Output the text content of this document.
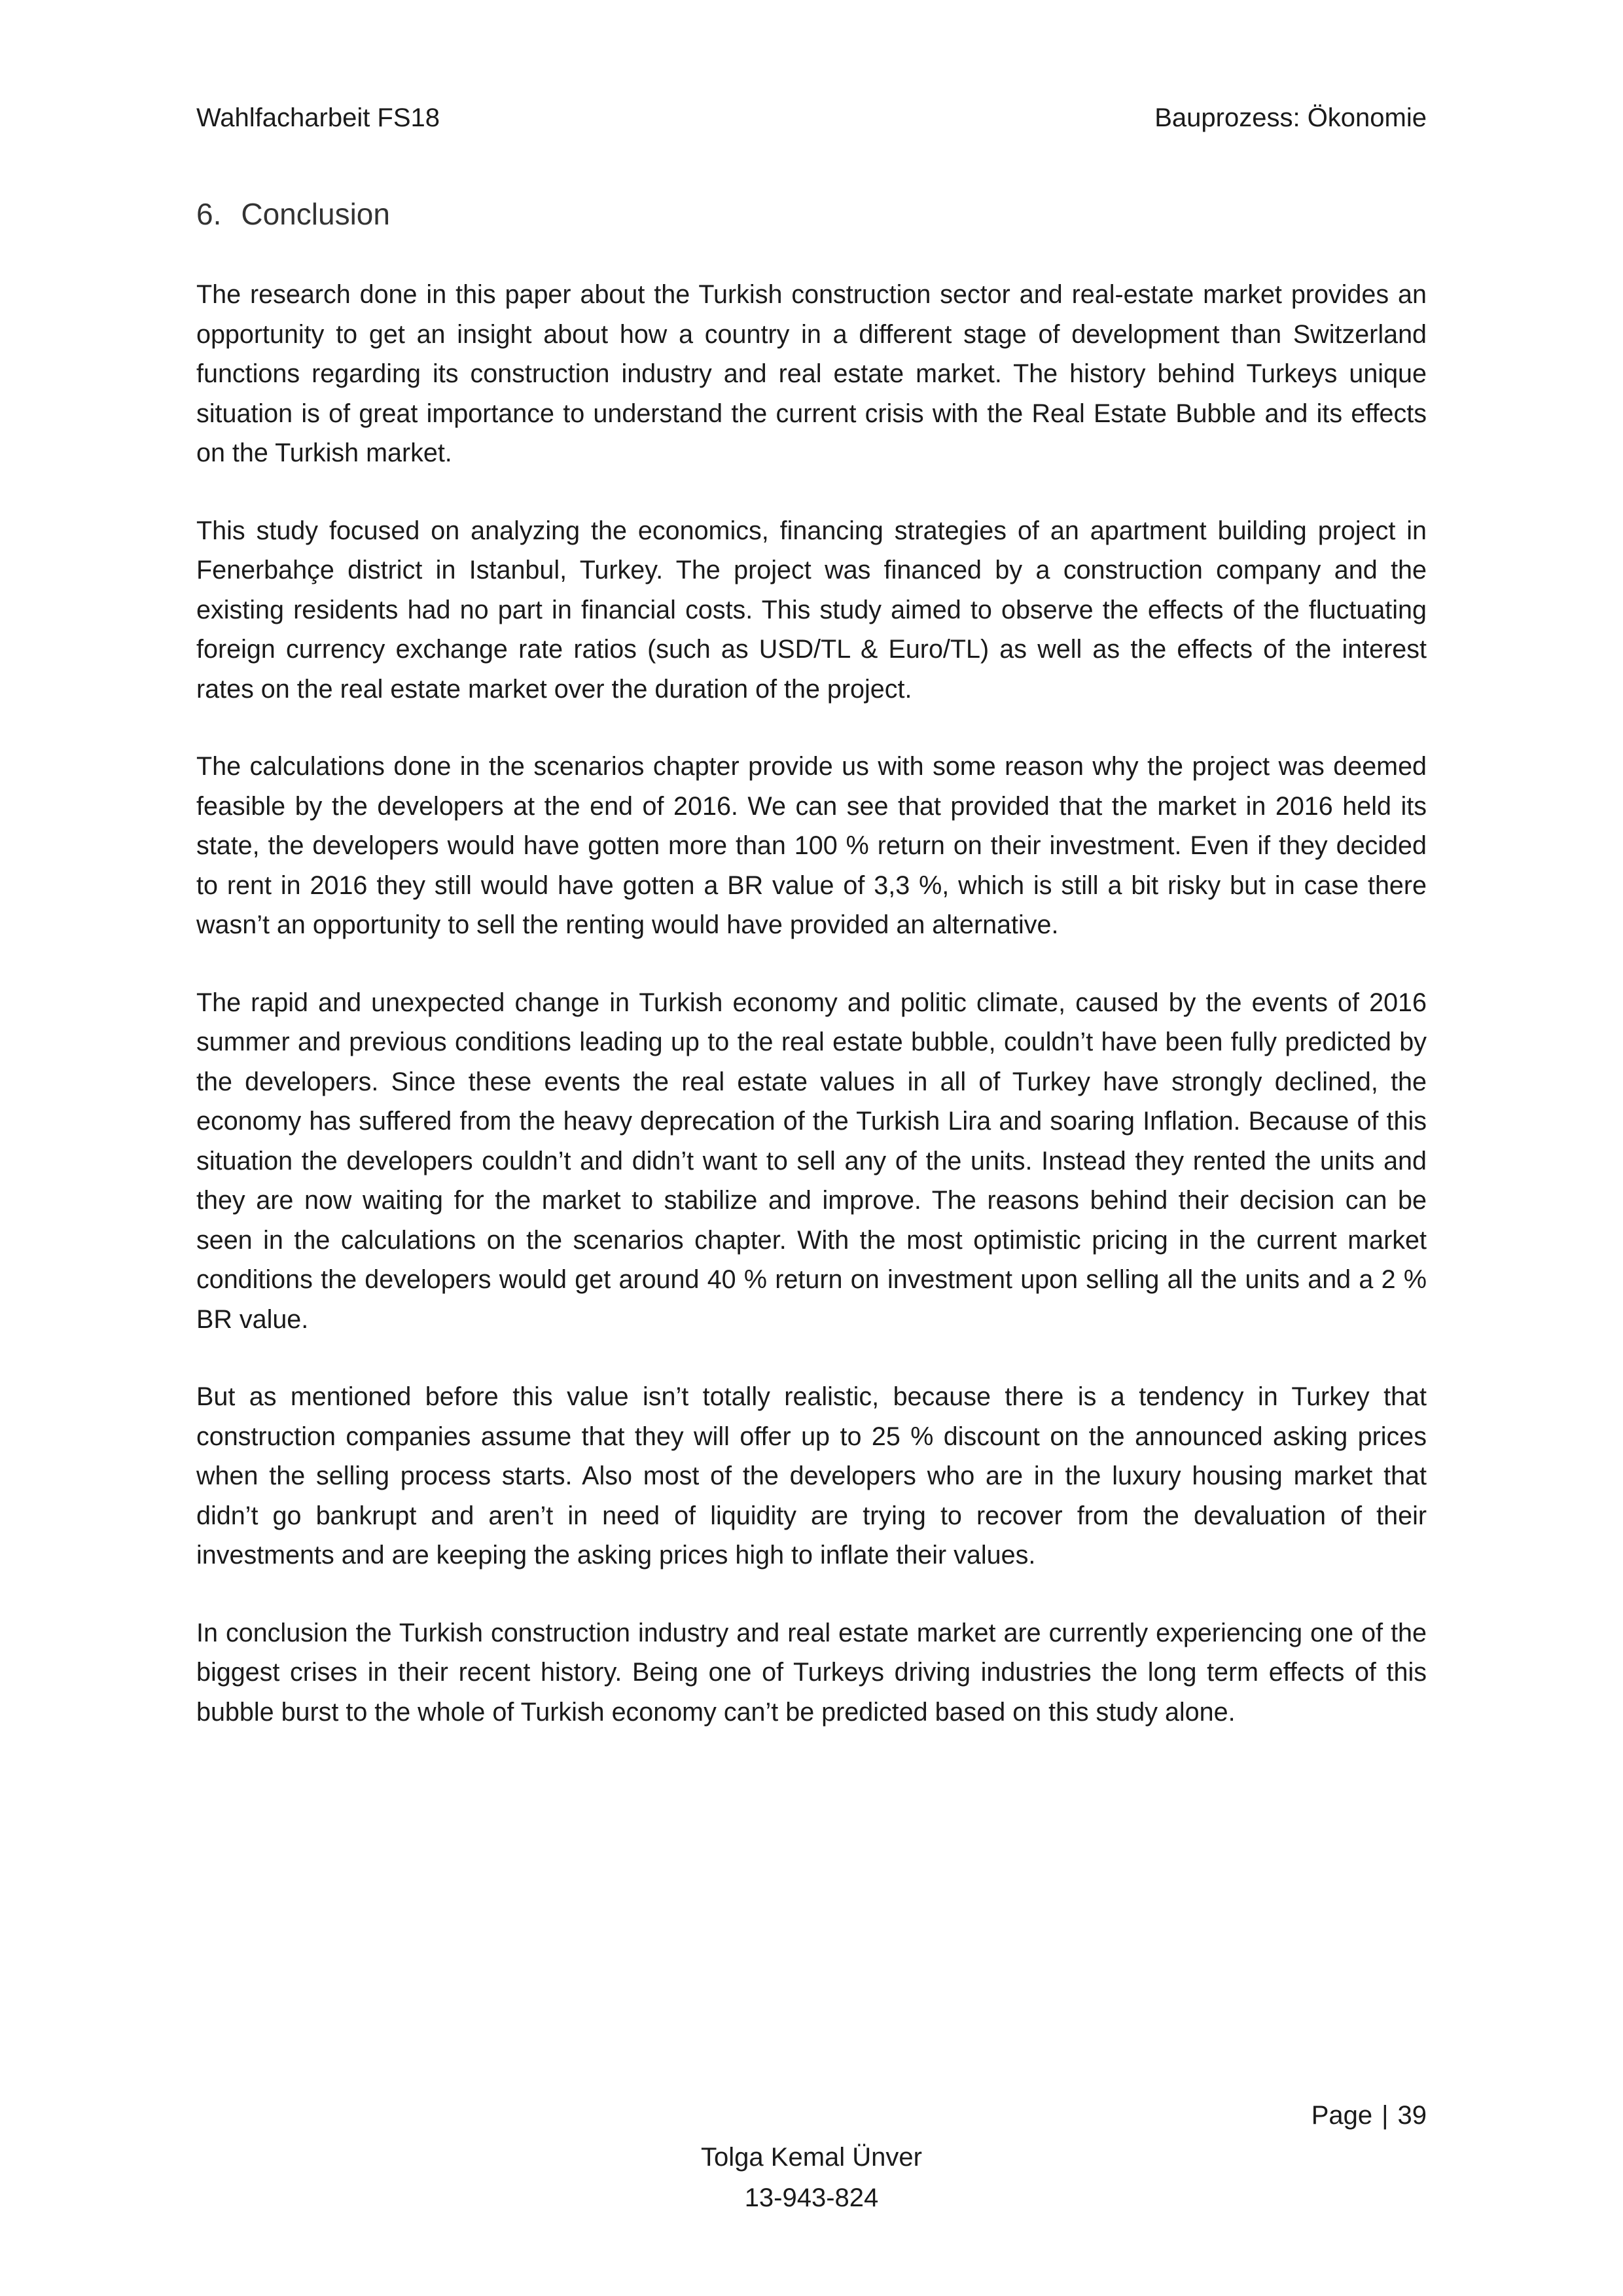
Wahlfacharbeit FS18	Bauprozess: Ökonomie
6. Conclusion

The research done in this paper about the Turkish construction sector and real-estate market provides an opportunity to get an insight about how a country in a different stage of development than Switzerland functions regarding its construction industry and real estate market. The history behind Turkeys unique situation is of great importance to understand the current crisis with the Real Estate Bubble and its effects on the Turkish market.

This study focused on analyzing the economics, financing strategies of an apartment building project in Fenerbahçe district in Istanbul, Turkey. The project was financed by a construction company and the existing residents had no part in financial costs. This study aimed to observe the effects of the fluctuating foreign currency exchange rate ratios (such as USD/TL & Euro/TL) as well as the effects of the interest rates on the real estate market over the duration of the project.

The calculations done in the scenarios chapter provide us with some reason why the project was deemed feasible by the developers at the end of 2016. We can see that provided that the market in 2016 held its state, the developers would have gotten more than 100 % return on their investment. Even if they decided to rent in 2016 they still would have gotten a BR value of 3,3 %, which is still a bit risky but in case there wasn’t an opportunity to sell the renting would have provided an alternative.

The rapid and unexpected change in Turkish economy and politic climate, caused by the events of 2016 summer and previous conditions leading up to the real estate bubble, couldn’t have been fully predicted by the developers. Since these events the real estate values in all of Turkey have strongly declined, the economy has suffered from the heavy deprecation of the Turkish Lira and soaring Inflation. Because of this situation the developers couldn’t and didn’t want to sell any of the units. Instead they rented the units and they are now waiting for the market to stabilize and improve. The reasons behind their decision can be seen in the calculations on the scenarios chapter. With the most optimistic pricing in the current market conditions the developers would get around 40 % return on investment upon selling all the units and a 2 % BR value.

But as mentioned before this value isn’t totally realistic, because there is a tendency in Turkey that construction companies assume that they will offer up to 25 % discount on the announced asking prices when the selling process starts. Also most of the developers who are in the luxury housing market that didn’t go bankrupt and aren’t in need of liquidity are trying to recover from the devaluation of their investments and are keeping the asking prices high to inflate their values.

In conclusion the Turkish construction industry and real estate market are currently experiencing one of the biggest crises in their recent history. Being one of Turkeys driving industries the long term effects of this bubble burst to the whole of Turkish economy can’t be predicted based on this study alone.

Page | 39
Tolga Kemal Ünver
13-943-824
